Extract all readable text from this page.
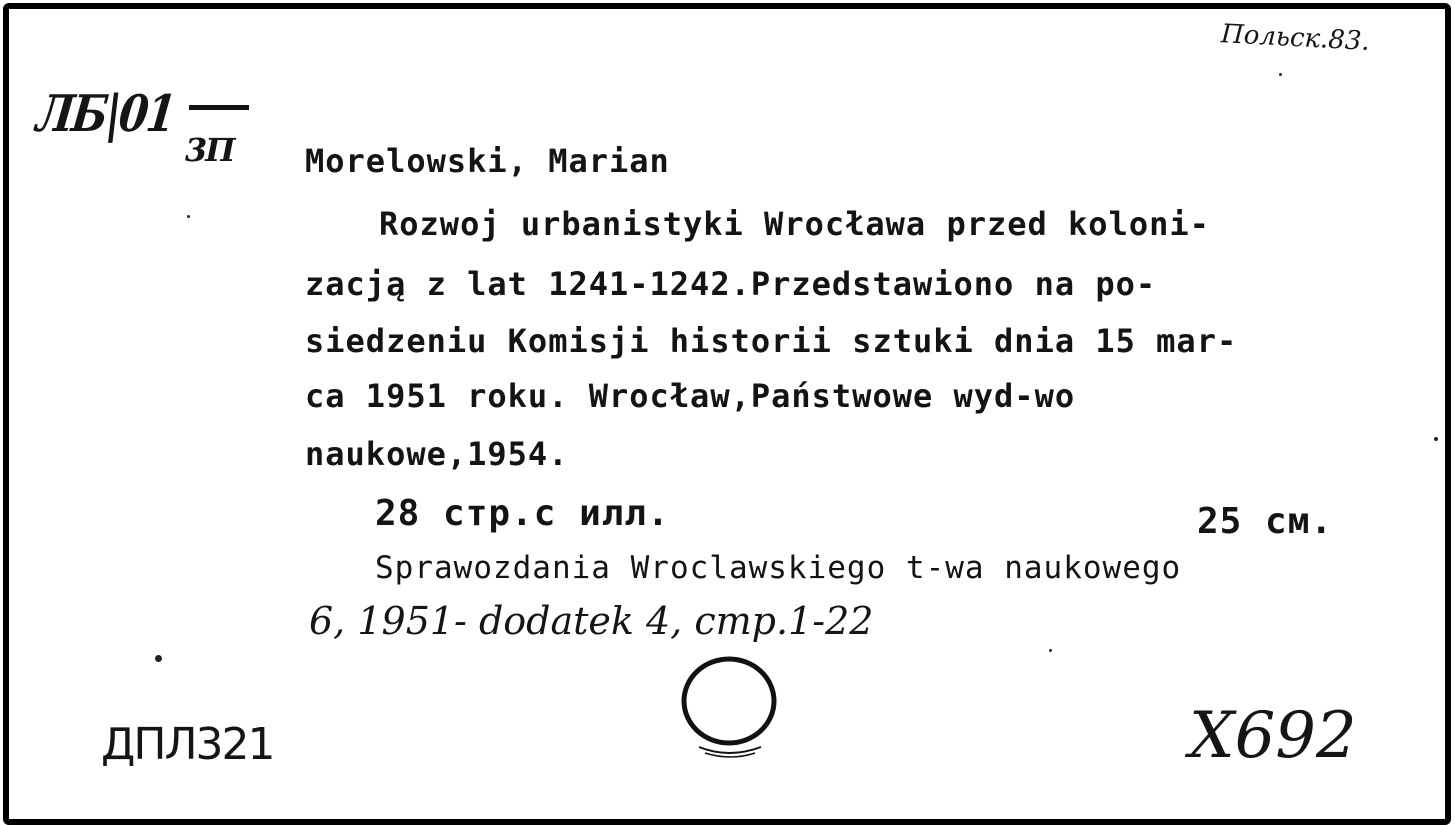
ЛБ|01
3П
Польск.83.
Morelowski, Marian
Rozwoj urbanistyki Wrocława przed koloni-
zacją z lat 1241-1242.Przedstawiono na po-
siedzeniu Komisji historii sztuki dnia 15 mar-
ca 1951 roku. Wrocław,Państwowe wyd-wo
naukowe,1954.
28 стр.с илл.	25 см.
Sprawozdania Wroclawskiego t-wa naukowego
6, 1951- dodatek 4, стр.1-22
ДПЛ321	Х692
